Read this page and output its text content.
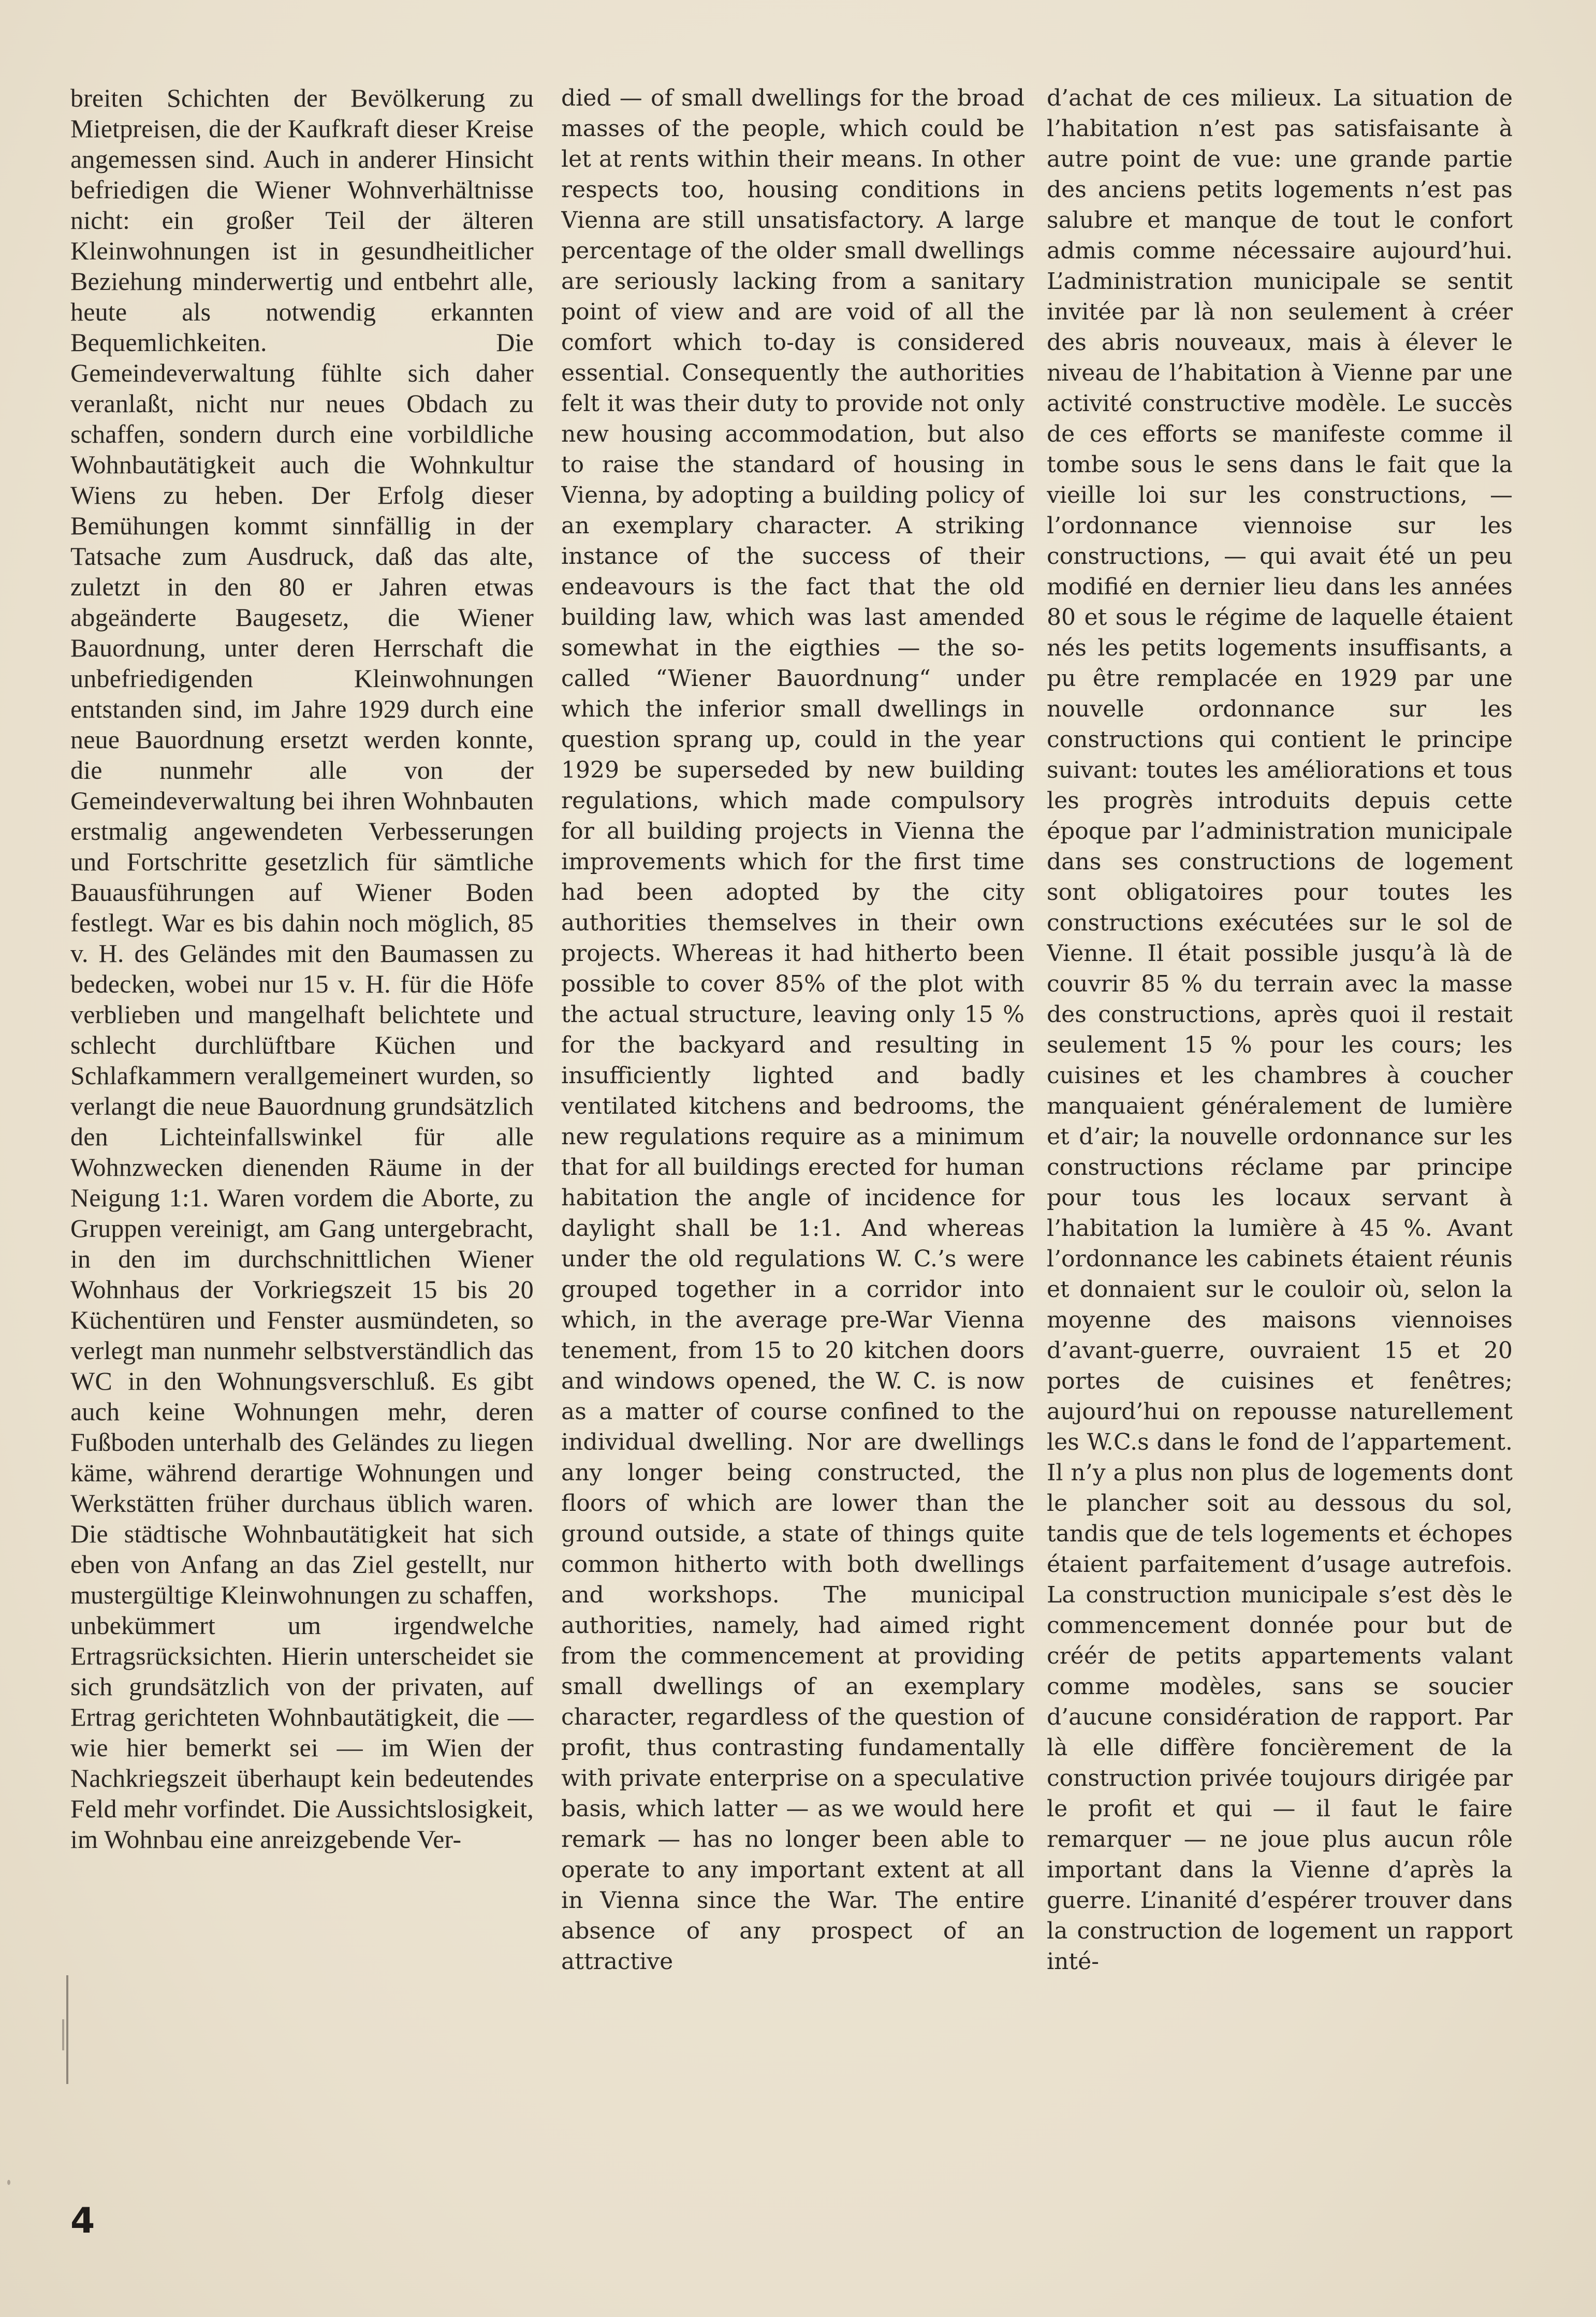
breiten Schichten der Bevölkerung zu Mietpreisen, die der Kaufkraft dieser Kreise angemessen sind. Auch in anderer Hinsicht befriedigen die Wiener Wohnverhältnisse nicht: ein großer Teil der älteren Kleinwohnungen ist in gesundheitlicher Beziehung minderwertig und entbehrt alle, heute als notwendig erkannten Bequemlichkeiten. Die Gemeindeverwaltung fühlte sich daher veranlaßt, nicht nur neues Obdach zu schaffen, sondern durch eine vorbildliche Wohnbautätigkeit auch die Wohnkultur Wiens zu heben. Der Erfolg dieser Bemühungen kommt sinnfällig in der Tatsache zum Ausdruck, daß das alte, zuletzt in den 80 er Jahren etwas abgeänderte Baugesetz, die Wiener Bauordnung, unter deren Herrschaft die unbefriedigenden Kleinwohnungen entstanden sind, im Jahre 1929 durch eine neue Bauordnung ersetzt werden konnte, die nunmehr alle von der Gemeindeverwaltung bei ihren Wohnbauten erstmalig angewendeten Verbesserungen und Fortschritte gesetzlich für sämtliche Bauausführungen auf Wiener Boden festlegt. War es bis dahin noch möglich, 85 v. H. des Geländes mit den Baumassen zu bedecken, wobei nur 15 v. H. für die Höfe verblieben und mangelhaft belichtete und schlecht durchlüftbare Küchen und Schlafkammern verallgemeinert wurden, so verlangt die neue Bauordnung grundsätzlich den Lichteinfallswinkel für alle Wohnzwecken dienenden Räume in der Neigung 1:1. Waren vordem die Aborte, zu Gruppen vereinigt, am Gang untergebracht, in den im durchschnittlichen Wiener Wohnhaus der Vorkriegszeit 15 bis 20 Küchentüren und Fenster ausmündeten, so verlegt man nunmehr selbstverständlich das WC in den Wohnungsverschluß. Es gibt auch keine Wohnungen mehr, deren Fußboden unterhalb des Geländes zu liegen käme, während derartige Wohnungen und Werkstätten früher durchaus üblich waren. Die städtische Wohnbautätigkeit hat sich eben von Anfang an das Ziel gestellt, nur mustergültige Kleinwohnungen zu schaffen, unbekümmert um irgendwelche Ertragsrücksichten. Hierin unterscheidet sie sich grundsätzlich von der privaten, auf Ertrag gerichteten Wohnbautätigkeit, die — wie hier bemerkt sei — im Wien der Nachkriegszeit überhaupt kein bedeutendes Feld mehr vorfindet. Die Aussichtslosigkeit, im Wohnbau eine anreizgebende Ver-

died — of small dwellings for the broad masses of the people, which could be let at rents within their means. In other respects too, housing conditions in Vienna are still unsatisfactory. A large percentage of the older small dwellings are seriously lacking from a sanitary point of view and are void of all the comfort which to-day is considered essential. Consequently the authorities felt it was their duty to provide not only new housing accommodation, but also to raise the standard of housing in Vienna, by adopting a building policy of an exemplary character. A striking instance of the success of their endeavours is the fact that the old building law, which was last amended somewhat in the eigthies — the so-called “Wiener Bauordnung“ under which the inferior small dwellings in question sprang up, could in the year 1929 be superseded by new building regulations, which made compulsory for all building projects in Vienna the improvements which for the first time had been adopted by the city authorities themselves in their own projects. Whereas it had hitherto been possible to cover 85% of the plot with the actual structure, leaving only 15 % for the backyard and resulting in insufficiently lighted and badly ventilated kitchens and bedrooms, the new regulations require as a minimum that for all buildings erected for human habitation the angle of incidence for daylight shall be 1:1. And whereas under the old regulations W. C.’s were grouped together in a corridor into which, in the average pre-War Vienna tenement, from 15 to 20 kitchen doors and windows opened, the W. C. is now as a matter of course confined to the individual dwelling. Nor are dwellings any longer being constructed, the floors of which are lower than the ground outside, a state of things quite common hitherto with both dwellings and workshops. The municipal authorities, namely, had aimed right from the commencement at providing small dwellings of an exemplary character, regardless of the question of profit, thus contrasting fundamentally with private enterprise on a speculative basis, which latter — as we would here remark — has no longer been able to operate to any important extent at all in Vienna since the War. The entire absence of any prospect of an attractive

d’achat de ces milieux. La situation de l’habitation n’est pas satisfaisante à autre point de vue: une grande partie des anciens petits logements n’est pas salubre et manque de tout le confort admis comme nécessaire aujourd’hui. L’administration municipale se sentit invitée par là non seulement à créer des abris nouveaux, mais à élever le niveau de l’habitation à Vienne par une activité constructive modèle. Le succès de ces efforts se manifeste comme il tombe sous le sens dans le fait que la vieille loi sur les constructions, — l’ordonnance viennoise sur les constructions, — qui avait été un peu modifié en dernier lieu dans les années 80 et sous le régime de laquelle étaient nés les petits logements insuffisants, a pu être remplacée en 1929 par une nouvelle ordonnance sur les constructions qui contient le principe suivant: toutes les améliorations et tous les progrès introduits depuis cette époque par l’administration municipale dans ses constructions de logement sont obligatoires pour toutes les constructions exécutées sur le sol de Vienne. Il était possible jusqu’à là de couvrir 85 % du terrain avec la masse des constructions, après quoi il restait seulement 15 % pour les cours; les cuisines et les chambres à coucher manquaient généralement de lumière et d’air; la nouvelle ordonnance sur les constructions réclame par principe pour tous les locaux servant à l’habitation la lumière à 45 %. Avant l’ordonnance les cabinets étaient réunis et donnaient sur le couloir où, selon la moyenne des maisons viennoises d’avant-guerre, ouvraient 15 et 20 portes de cuisines et fenêtres; aujourd’hui on repousse naturellement les W.C.s dans le fond de l’appartement. Il n’y a plus non plus de logements dont le plancher soit au dessous du sol, tandis que de tels logements et échopes étaient parfaitement d’usage autrefois. La construction municipale s’est dès le commencement donnée pour but de créér de petits appartements valant comme modèles, sans se soucier d’aucune considération de rapport. Par là elle diffère foncièrement de la construction privée toujours dirigée par le profit et qui — il faut le faire remarquer — ne joue plus aucun rôle important dans la Vienne d’après la guerre. L’inanité d’espérer trouver dans la construction de logement un rapport inté-

4
